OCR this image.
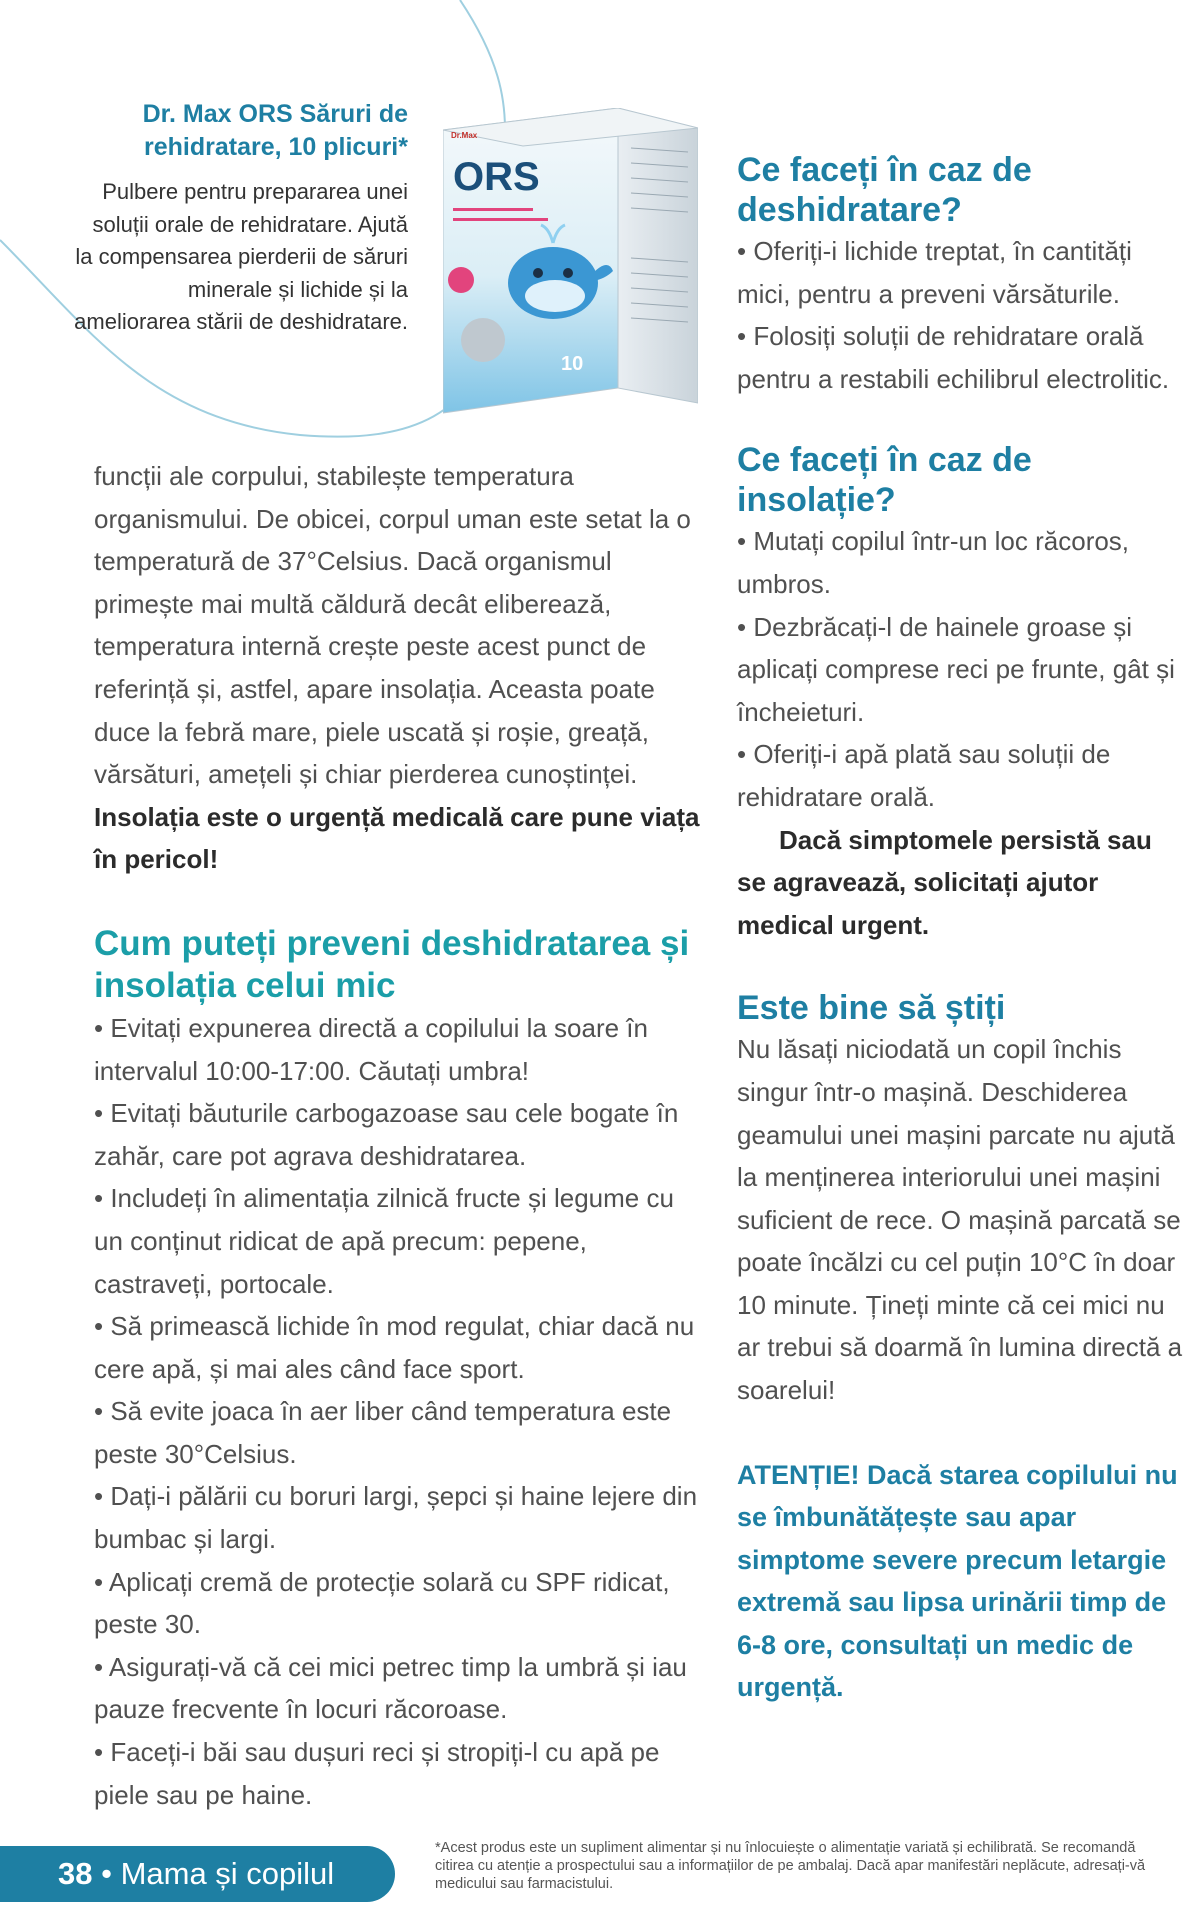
Dr. Max ORS Săruri de rehidratare, 10 plicuri*
Pulbere pentru prepararea unei soluții orale de rehidratare. Ajută la compensarea pierderii de săruri minerale și lichide și la ameliorarea stării de deshidratare.
Dr.Max
ORS
10

funcții ale corpului, stabilește temperatura organismului. De obicei, corpul uman este setat la o temperatură de 37°Celsius. Dacă organismul primește mai multă căldură decât eliberează, temperatura internă crește peste acest punct de referință și, astfel, apare insolația. Aceasta poate duce la febră mare, piele uscată și roșie, greață, vărsături, amețeli și chiar pierderea cunoștinței. Insolația este o urgență medicală care pune viața în pericol!

Cum puteți preveni deshidratarea și insolația celui mic

• Evitați expunerea directă a copilului la soare în intervalul 10:00-17:00. Căutați umbra!

• Evitați băuturile carbogazoase sau cele bogate în zahăr, care pot agrava deshidratarea.

• Includeți în alimentația zilnică fructe și legume cu un conținut ridicat de apă precum: pepene, castraveți, portocale.

• Să primească lichide în mod regulat, chiar dacă nu cere apă, și mai ales când face sport.

• Să evite joaca în aer liber când temperatura este peste 30°Celsius.

• Dați-i pălării cu boruri largi, șepci și haine lejere din bumbac și largi.

• Aplicați cremă de protecție solară cu SPF ridicat, peste 30.

• Asigurați-vă că cei mici petrec timp la umbră și iau pauze frecvente în locuri răcoroase.

• Faceți-i băi sau dușuri reci și stropiți-l cu apă pe piele sau pe haine.

Ce faceți în caz de deshidratare?

• Oferiți-i lichide treptat, în cantități mici, pentru a preveni vărsăturile.

• Folosiți soluții de rehidratare orală pentru a restabili echilibrul electrolitic.

Ce faceți în caz de insolație?

• Mutați copilul într-un loc răcoros, umbros.

• Dezbrăcați-l de hainele groase și aplicați comprese reci pe frunte, gât și încheieturi.

• Oferiți-i apă plată sau soluții de rehidratare orală.

Dacă simptomele persistă sau se agravează, solicitați ajutor medical urgent.

Este bine să știți

Nu lăsați niciodată un copil închis singur într-o mașină. Deschiderea geamului unei mașini parcate nu ajută la menținerea interiorului unei mașini suficient de rece. O mașină parcată se poate încălzi cu cel puțin 10°C în doar 10 minute. Țineți minte că cei mici nu ar trebui să doarmă în lumina directă a soarelui!

ATENȚIE! Dacă starea copilului nu se îmbunătățește sau apar simptome severe precum letargie extremă sau lipsa urinării timp de 6-8 ore, consultați un medic de urgență.

38 • Mama și copilul
*Acest produs este un supliment alimentar și nu înlocuiește o alimentație variată și echilibrată. Se recomandă citirea cu atenție a prospectului sau a informațiilor de pe ambalaj. Dacă apar manifestări neplăcute, adresați-vă medicului sau farmacistului.
